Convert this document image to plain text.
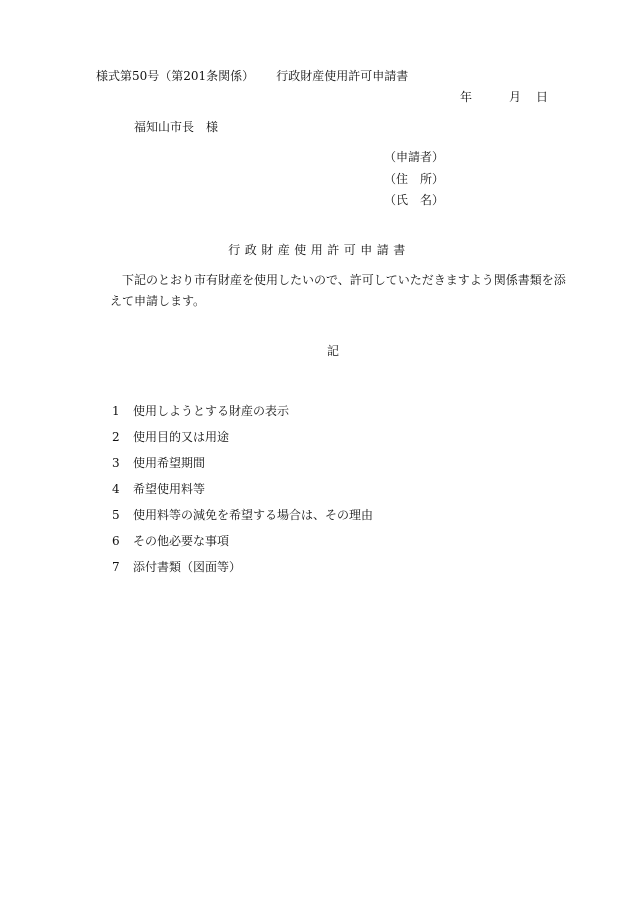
様式第50号（第201条関係） 行政財産使用許可申請書
年	月 日
福知山市長　様
（申請者）
（住　所）
（氏　名）
行政財産使用許可申請書
下記のとおり市有財産を使用したいので、許可していただきますよう関係書類を添えて申請します。
記
1 使用しようとする財産の表示
2 使用目的又は用途
3 使用希望期間
4 希望使用料等
5 使用料等の減免を希望する場合は、その理由
6 その他必要な事項
7 添付書類（図面等）
